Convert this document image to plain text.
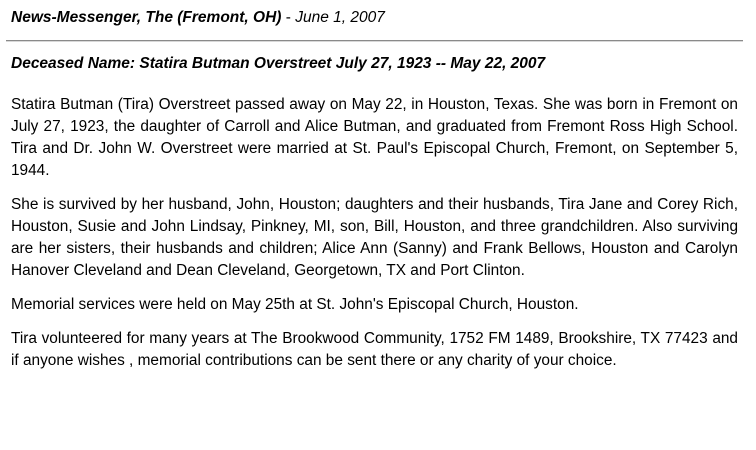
News-Messenger, The (Fremont, OH) - June 1, 2007
Deceased Name: Statira Butman Overstreet July 27, 1923 -- May 22, 2007

Statira Butman (Tira) Overstreet passed away on May 22, in Houston, Texas. She was born in Fremont on July 27, 1923, the daughter of Carroll and Alice Butman, and graduated from Fremont Ross High School. Tira and Dr. John W. Overstreet were married at St. Paul's Episcopal Church, Fremont, on September 5, 1944.

She is survived by her husband, John, Houston; daughters and their husbands, Tira Jane and Corey Rich, Houston, Susie and John Lindsay, Pinkney, MI, son, Bill, Houston, and three grandchildren. Also surviving are her sisters, their husbands and children; Alice Ann (Sanny) and Frank Bellows, Houston and Carolyn Hanover Cleveland and Dean Cleveland, Georgetown, TX and Port Clinton.

Memorial services were held on May 25th at St. John's Episcopal Church, Houston.

Tira volunteered for many years at The Brookwood Community, 1752 FM 1489, Brookshire, TX 77423 and if anyone wishes , memorial contributions can be sent there or any charity of your choice.
